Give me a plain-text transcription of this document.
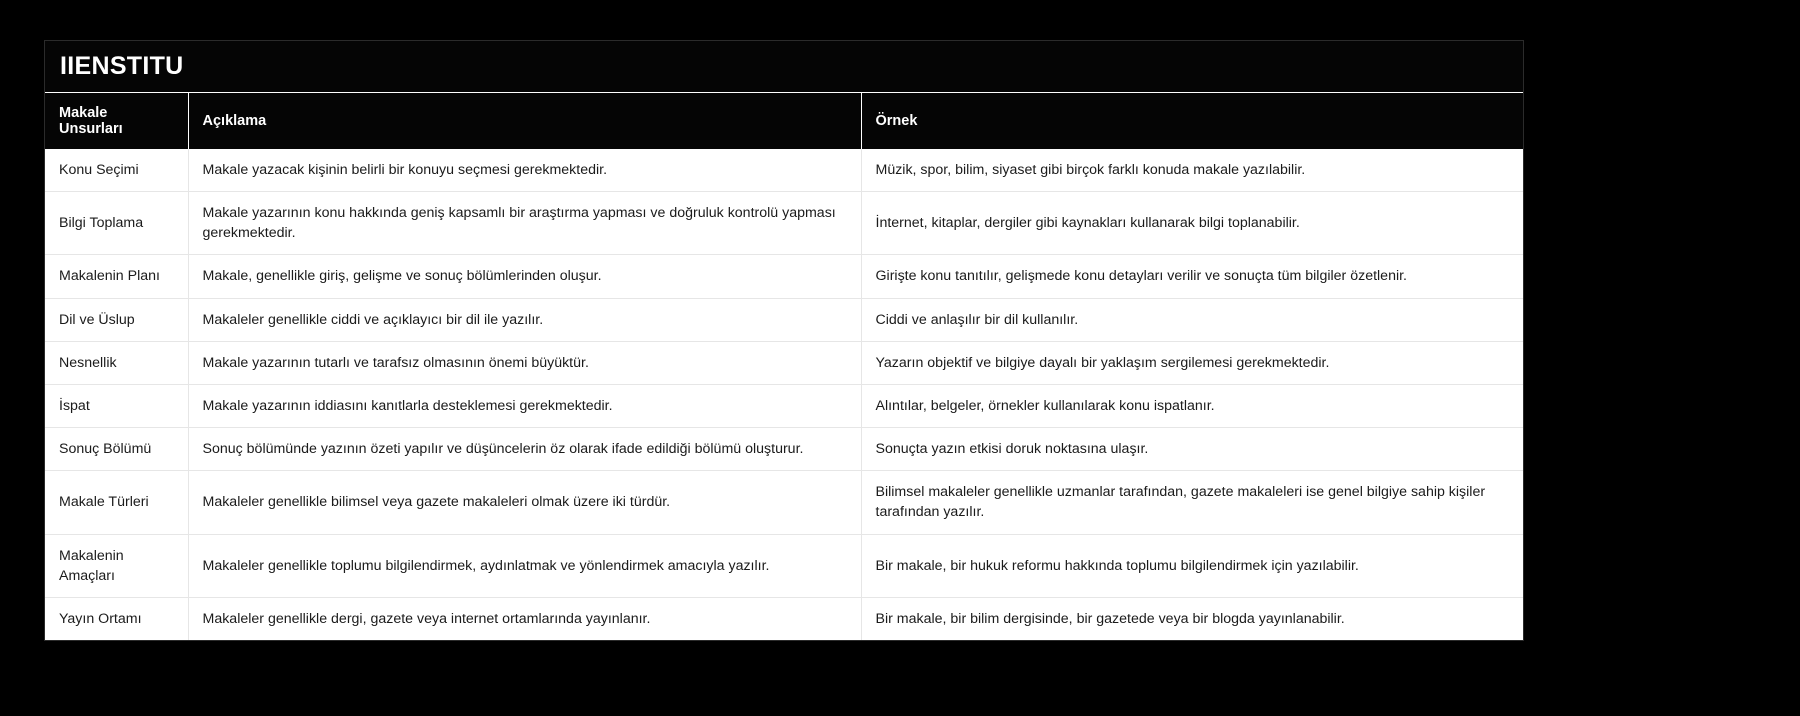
IIENSTITU
Makale Unsurları	Açıklama	Örnek
Konu Seçimi	Makale yazacak kişinin belirli bir konuyu seçmesi gerekmektedir.	Müzik, spor, bilim, siyaset gibi birçok farklı konuda makale yazılabilir.
Bilgi Toplama	Makale yazarının konu hakkında geniş kapsamlı bir araştırma yapması ve doğruluk kontrolü yapması gerekmektedir.	İnternet, kitaplar, dergiler gibi kaynakları kullanarak bilgi toplanabilir.
Makalenin Planı	Makale, genellikle giriş, gelişme ve sonuç bölümlerinden oluşur.	Girişte konu tanıtılır, gelişmede konu detayları verilir ve sonuçta tüm bilgiler özetlenir.
Dil ve Üslup	Makaleler genellikle ciddi ve açıklayıcı bir dil ile yazılır.	Ciddi ve anlaşılır bir dil kullanılır.
Nesnellik	Makale yazarının tutarlı ve tarafsız olmasının önemi büyüktür.	Yazarın objektif ve bilgiye dayalı bir yaklaşım sergilemesi gerekmektedir.
İspat	Makale yazarının iddiasını kanıtlarla desteklemesi gerekmektedir.	Alıntılar, belgeler, örnekler kullanılarak konu ispatlanır.
Sonuç Bölümü	Sonuç bölümünde yazının özeti yapılır ve düşüncelerin öz olarak ifade edildiği bölümü oluşturur.	Sonuçta yazın etkisi doruk noktasına ulaşır.
Makale Türleri	Makaleler genellikle bilimsel veya gazete makaleleri olmak üzere iki türdür.	Bilimsel makaleler genellikle uzmanlar tarafından, gazete makaleleri ise genel bilgiye sahip kişiler tarafından yazılır.
Makalenin Amaçları	Makaleler genellikle toplumu bilgilendirmek, aydınlatmak ve yönlendirmek amacıyla yazılır.	Bir makale, bir hukuk reformu hakkında toplumu bilgilendirmek için yazılabilir.
Yayın Ortamı	Makaleler genellikle dergi, gazete veya internet ortamlarında yayınlanır.	Bir makale, bir bilim dergisinde, bir gazetede veya bir blogda yayınlanabilir.
